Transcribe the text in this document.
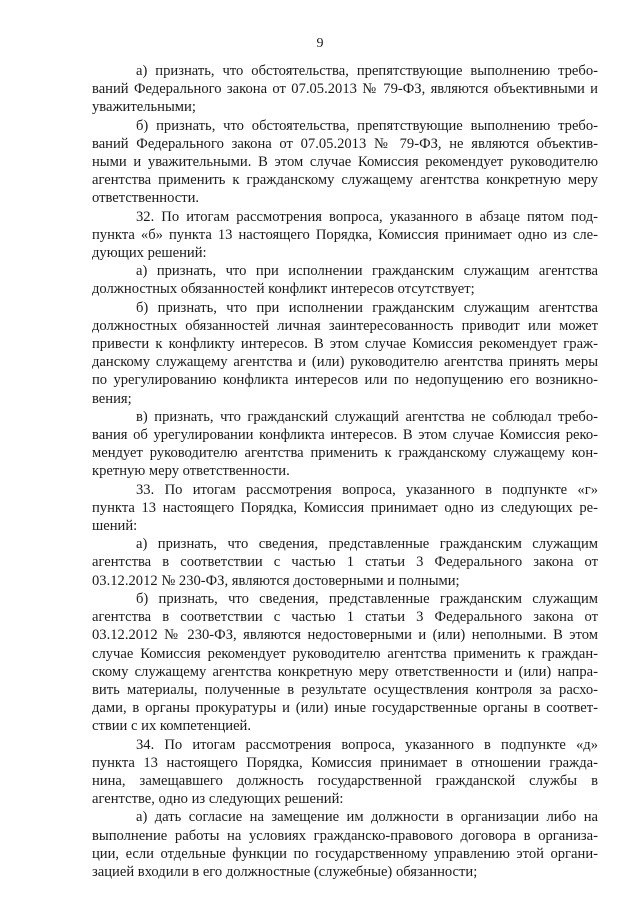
9
а) признать, что обстоятельства, препятствующие выполнению требо-
ваний Федерального закона от 07.05.2013 № 79-ФЗ, являются объективными и
уважительными;
б) признать, что обстоятельства, препятствующие выполнению требо-
ваний Федерального закона от 07.05.2013 № 79-ФЗ, не являются объектив-
ными и уважительными. В этом случае Комиссия рекомендует руководителю
агентства применить к гражданскому служащему агентства конкретную меру
ответственности.
32. По итогам рассмотрения вопроса, указанного в абзаце пятом под-
пункта «б» пункта 13 настоящего Порядка, Комиссия принимает одно из сле-
дующих решений:
а) признать, что при исполнении гражданским служащим агентства
должностных обязанностей конфликт интересов отсутствует;
б) признать, что при исполнении гражданским служащим агентства
должностных обязанностей личная заинтересованность приводит или может
привести к конфликту интересов. В этом случае Комиссия рекомендует граж-
данскому служащему агентства и (или) руководителю агентства принять меры
по урегулированию конфликта интересов или по недопущению его возникно-
вения;
в) признать, что гражданский служащий агентства не соблюдал требо-
вания об урегулировании конфликта интересов. В этом случае Комиссия реко-
мендует руководителю агентства применить к гражданскому служащему кон-
кретную меру ответственности.
33. По итогам рассмотрения вопроса, указанного в подпункте «г»
пункта 13 настоящего Порядка, Комиссия принимает одно из следующих ре-
шений:
а) признать, что сведения, представленные гражданским служащим
агентства в соответствии с частью 1 статьи 3 Федерального закона от
03.12.2012 № 230-ФЗ, являются достоверными и полными;
б) признать, что сведения, представленные гражданским служащим
агентства в соответствии с частью 1 статьи 3 Федерального закона от
03.12.2012 № 230-ФЗ, являются недостоверными и (или) неполными. В этом
случае Комиссия рекомендует руководителю агентства применить к граждан-
скому служащему агентства конкретную меру ответственности и (или) напра-
вить материалы, полученные в результате осуществления контроля за расхо-
дами, в органы прокуратуры и (или) иные государственные органы в соответ-
ствии с их компетенцией.
34. По итогам рассмотрения вопроса, указанного в подпункте «д»
пункта 13 настоящего Порядка, Комиссия принимает в отношении гражда-
нина, замещавшего должность государственной гражданской службы в
агентстве, одно из следующих решений:
а) дать согласие на замещение им должности в организации либо на
выполнение работы на условиях гражданско-правового договора в организа-
ции, если отдельные функции по государственному управлению этой органи-
зацией входили в его должностные (служебные) обязанности;
